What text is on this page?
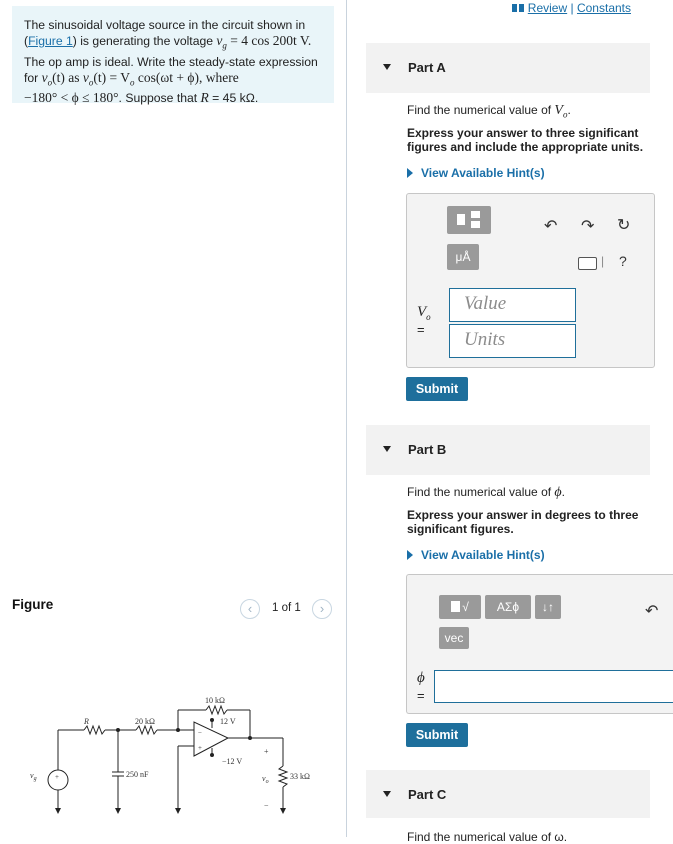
The sinusoidal voltage source in the circuit shown in
(Figure 1) is generating the voltage $v_g = 4$ cos 200t V.
The op amp is ideal. Write the steady-state expression
for $v_o(t)$ as $v_o(t) = V_o$ cos(ωt + ϕ), where
−180° < ϕ ≤ 180°. Suppose that R = 45 kΩ.
Review | Constants
Figure	‹	1 of 1	›
R	20 kΩ
10 kΩ
12 V
−12 V
250 nF	33 kΩ
$v_g$	$v_o$
+
−
+
−
+
Part A
Find the numerical value of $V_o$.
Express your answer to three significant figures and include the appropriate units.
View Available Hint(s)
μÅ
↶ ↷ ↻
| ?
$V_o$
=
Value
Units
Submit
Part B
Find the numerical value of ϕ.
Express your answer in degrees to three significant figures.
View Available Hint(s)
√	ΑΣϕ	↓↑
vec
↶
ϕ
=
Submit
Part C
Find the numerical value of ω.
